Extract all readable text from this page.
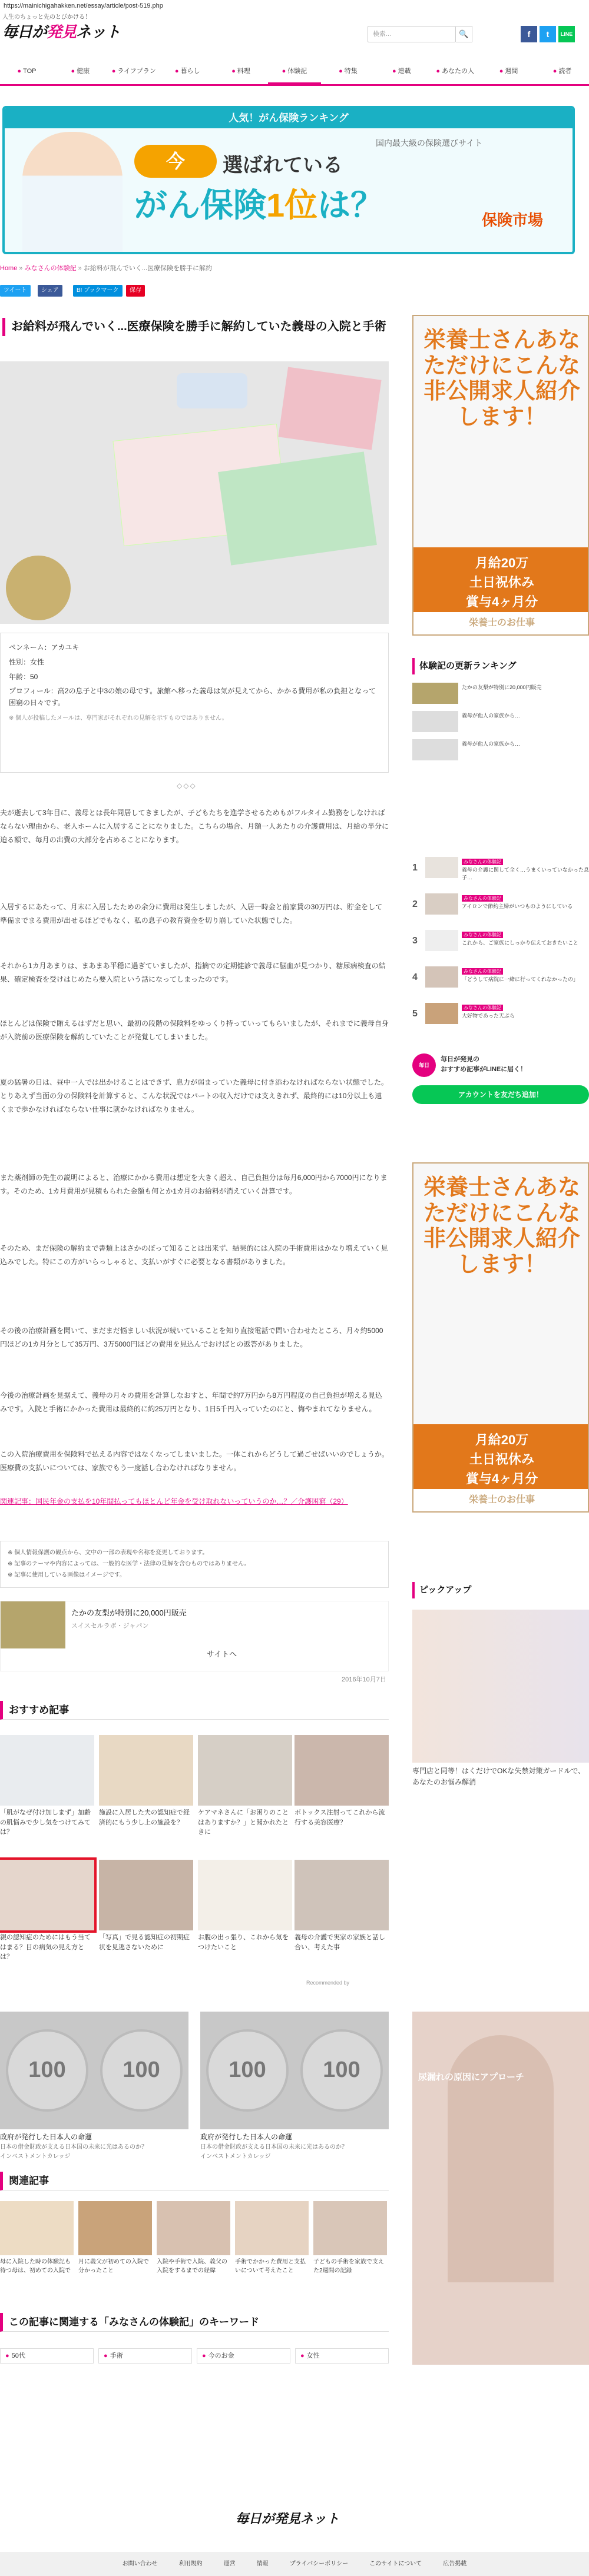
https://mainichigahakken.net/essay/article/post-519.php
人生のちょっと先のとびかける！
毎日が発見ネット	検索...	🔍	f	t	LINE
● TOP	● 健康	● ライフプラン	● 暮らし	● 料理	● 体験記	● 特集	● 連載	● あなたの人	● 週間	● 読者
人気！がん保険ランキング
今
国内最大級の保険選びサイト
選ばれている
がん保険1位は？	保険市場
Home » みなさんの体験記 » お給料が飛んでいく...医療保険を勝手に解約
ツイート	シェア	B! ブックマーク	保存
お給料が飛んでいく...医療保険を勝手に解約していた義母の入院と手術
ペンネーム：アカユキ
性別：女性
年齢：50
プロフィール：高2の息子と中3の娘の母です。旅館へ移った義母は気が見えてから、かかる費用が私の負担となって困窮の日々です。
※ 個人が投稿したメールは、専門家がそれぞれの見解を示すものではありません。
◇◇◇

夫が逝去して3年目に、義母とは長年同居してきましたが、子どもたちを進学させるためもがフルタイム勤務をしなければならない理由から、老人ホームに入居することになりました。こちらの場合、月額一人あたりの介護費用は、月給の半分に迫る額で、毎月の出費の大部分を占めることになります。

入居するにあたって、月末に入居したための余分に費用は発生しましたが、入居一時金と前家賃の30万円は、貯金をして準備までまる費用が出せるほどでもなく、私の息子の教育資金を切り崩していた状態でした。

それから1カ月あまりは、まあまあ平穏に過ぎていましたが、指摘での定期健診で義母に脳血が見つかり、糖尿病検査の結果、確定検査を受けはじめたら要入院という話になってしまったのです。

ほとんどは保険で賄えるはずだと思い、最初の段階の保険料をゆっくり持っていってもらいましたが、それまでに義母自身が入院前の医療保険を解約していたことが発覚してしまいました。

夏の猛暑の日は、昼中一人では出かけることはできず、息力が弱まっていた義母に付き添わなければならない状態でした。とりあえず当面の分の保険料を計算すると、こんな状況ではパートの収入だけでは支えきれず、最終的には10分以上も遠くまで歩かなければならない仕事に就かなければなりません。

また薬剤師の先生の説明によると、治療にかかる費用は想定を大きく超え、自己負担分は毎月6,000円から7000円になります。そのため、1カ月費用が見積もられた金額も何とか1カ月のお給料が消えていく計算です。

そのため、まだ保険の解約まで書類上はさかのぼって知ることは出来ず、結果的には入院の手術費用はかなり増えていく見込みでした。特にこの方がいらっしゃると、支払いがすぐに必要となる書類がありました。

その後の治療計画を聞いて、まだまだ悩ましい状況が続いていることを知り直接電話で問い合わせたところ、月々約5000円ほどの1カ月分として35万円、3万5000円ほどの費用を見込んでおけばとの返答がありました。

今後の治療計画を見据えて、義母の月々の費用を計算しなおすと、年間で約7万円から8万円程度の自己負担が増える見込みです。入院と手術にかかった費用は最終的に約25万円となり、1日5千円入っていたのにと、悔やまれてなりません。

この入院治療費用を保険料で払える内容ではなくなってしまいました。一体これからどうして過ごせばいいのでしょうか。医療費の支払いについては、家族でもう一度話し合わなければなりません。

関連記事：国民年金の支払を10年間払ってもほとんど年金を受け取れないっていうのか…？／介護困窮（29）
※ 個人情報保護の観点から、文中の一部の表現や名称を変更しております。
※ 記事のテーマや内容によっては、一般的な医学・法律の見解を含むものではありません。
※ 記事に使用している画像はイメージです。
たかの友梨が特別に20,000円販売
スイスセルラボ・ジャパン
サイトへ
2016年10月7日
おすすめ記事
「肌がなぜ付け加しまず」加齢の肌悩みで少し気をつけてみては？
施設に入居した夫の認知症で経済的にもう少し上の施設を？
ケアマネさんに「お困りのことはありますか？」と聞かれたときに
ボトックス注射ってこれから流行する美容医療？
親の認知症のためにはもう当てはまる？目の病気の見え方とは？
「写真」で見る認知症の初期症状を見逃さないために
お腹の出っ張り、これから気をつけたいこと
義母の介護で実家の家族と話し合い、考えた事
Recommended by
100	100
政府が発行した日本人の命運
日本の借金財政が支える日本国の未来に光はあるのか？
インベストメントカレッジ
100	100
政府が発行した日本人の命運
日本の借金財政が支える日本国の未来に光はあるのか？
インベストメントカレッジ
関連記事
母に入院した時の体験記も待つ母は、初めての入院で
月に義父が初めての入院で分かったこと
入院や手術で入院、義父の入院をするまでの経緯
手術でかかった費用と支払いについて考えたこと
子どもの手術を家族で支えた2週間の記録
この記事に関連する「みなさんの体験記」のキーワード
● 50代	● 手術	● 今のお金	● 女性
栄養士さんあなただけにこんな非公開求人紹介します！
月給20万
土日祝休み
賞与4ヶ月分
栄養士のお仕事
体験記の更新ランキング
たかの友梨が特別に20,000円販売
義母が他人の家族から…
義母が他人の家族から…
1
みなさんの体験記
義母の介護に関して全く…うまくいっていなかった息子…
2
みなさんの体験記
アイロンで節約主婦がいつものようにしている
3
みなさんの体験記
これから、ご家族にしっかり伝えておきたいこと
4
みなさんの体験記
「どうして病院に一緒に行ってくれなかったの」
5
みなさんの体験記
大好物であった天ぷら
毎日
毎日が発見の
おすすめ記事がLINEに届く！
アカウントを友だち追加！
栄養士さんあなただけにこんな非公開求人紹介します！
月給20万
土日祝休み
賞与4ヶ月分
栄養士のお仕事
ピックアップ
専門店と同等！はくだけでOKな失禁対策ガードルで、あなたのお悩み解消
尿漏れの原因にアプローチ
毎日が発見ネット
お問い合わせ	利用規約	運営	情報	プライバシーポリシー	このサイトについて	広告掲載
